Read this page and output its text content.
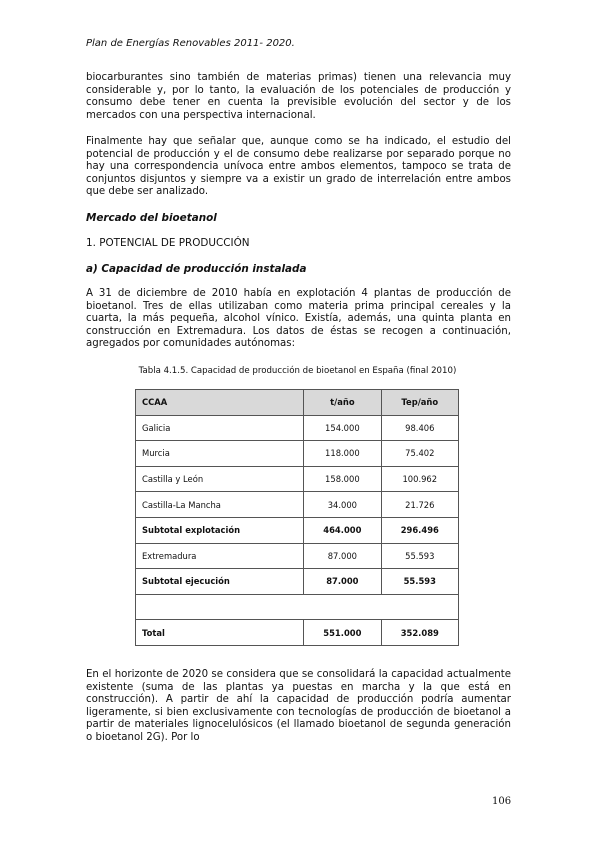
Plan de Energías Renovables 2011- 2020.
biocarburantes sino también de materias primas) tienen una relevancia muy considerable y, por lo tanto, la evaluación de los potenciales de producción y consumo debe tener en cuenta la previsible evolución del sector y de los mercados con una perspectiva internacional.
Finalmente hay que señalar que, aunque como se ha indicado, el estudio del potencial de producción y el de consumo debe realizarse por separado porque no hay una correspondencia unívoca entre ambos elementos, tampoco se trata de conjuntos disjuntos y siempre va a existir un grado de interrelación entre ambos que debe ser analizado.
Mercado del bioetanol
1. POTENCIAL DE PRODUCCIÓN
a) Capacidad de producción instalada
A 31 de diciembre de 2010 había en explotación 4 plantas de producción de bioetanol. Tres de ellas utilizaban como materia prima principal cereales y la cuarta, la más pequeña, alcohol vínico. Existía, además, una quinta planta en construcción en Extremadura. Los datos de éstas se recogen a continuación, agregados por comunidades autónomas:
Tabla 4.1.5. Capacidad de producción de bioetanol en España (final 2010)
CCAA	t/año	Tep/año
Galicia	154.000	98.406
Murcia	118.000	75.402
Castilla y León	158.000	100.962
Castilla-La Mancha	34.000	21.726
Subtotal explotación	464.000	296.496
Extremadura	87.000	55.593
Subtotal ejecución	87.000	55.593

Total	551.000	352.089
En el horizonte de 2020 se considera que se consolidará la capacidad actualmente existente (suma de las plantas ya puestas en marcha y la que está en construcción). A partir de ahí la capacidad de producción podría aumentar ligeramente, si bien exclusivamente con tecnologías de producción de bioetanol a partir de materiales lignocelulósicos (el llamado bioetanol de segunda generación o bioetanol 2G). Por lo
106
